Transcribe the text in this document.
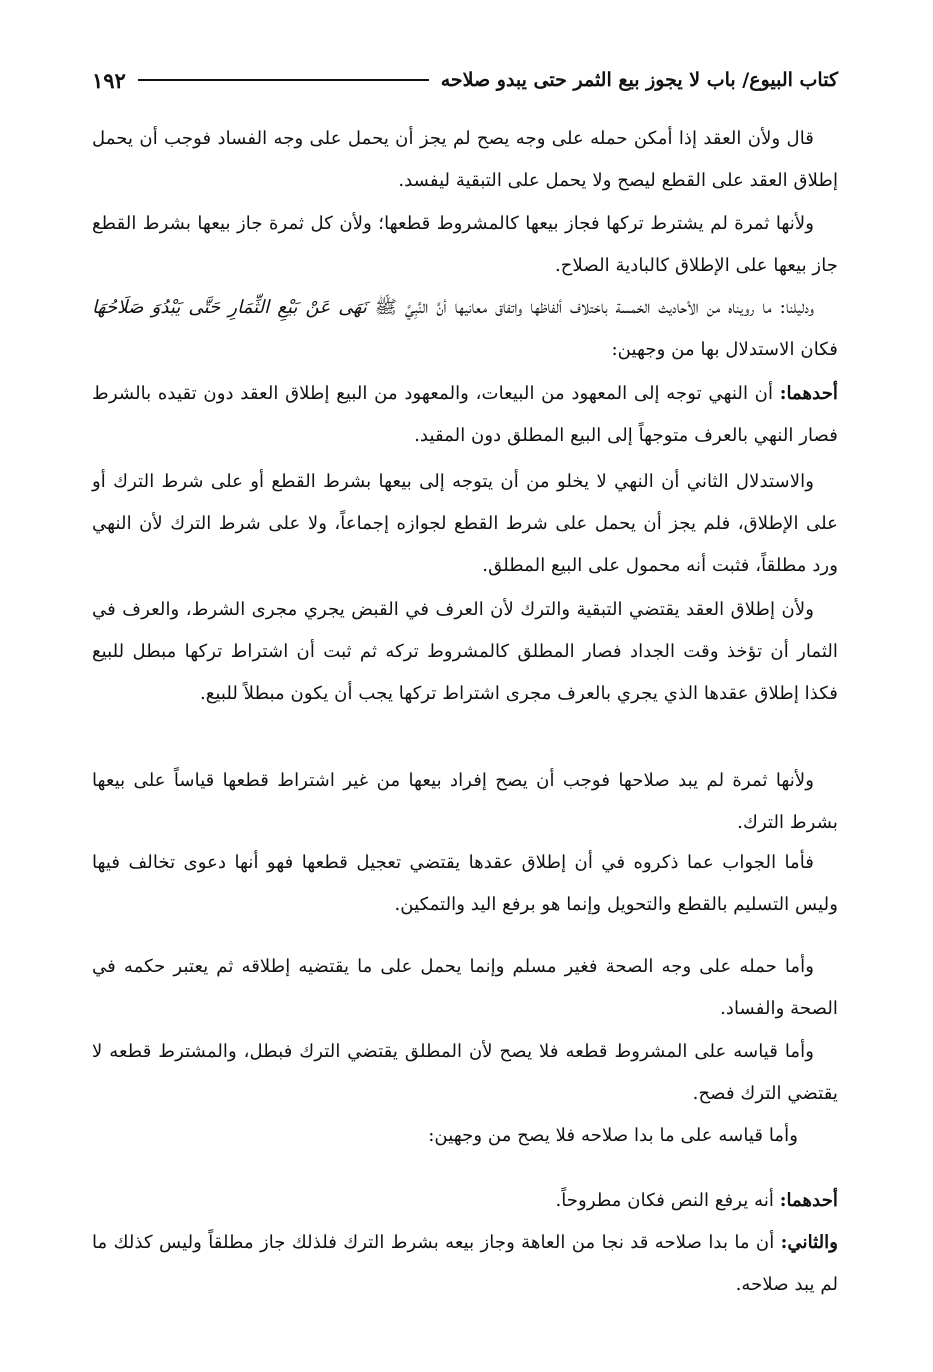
كتاب البيوع/ باب لا يجوز بيع الثمر حتى يبدو صلاحه
١٩٢

قال ولأن العقد إذا أمكن حمله على وجه يصح لم يجز أن يحمل على وجه الفساد فوجب أن يحمل إطلاق العقد على القطع ليصح ولا يحمل على التبقية ليفسد.

ولأنها ثمرة لم يشترط تركها فجاز بيعها كالمشروط قطعها؛ ولأن كل ثمرة جاز بيعها بشرط القطع جاز بيعها على الإطلاق كالبادية الصلاح.

ودليلنا: ما رويناه من الأحاديث الخمسة باختلاف ألفاظها واتفاق معانيها أنَّ النَّبِيَّ ﷺ نَهَى عَنْ بَيْعِ الثِّمَارِ حَتَّى يَبْدُوَ صَلَاحُهَا فكان الاستدلال بها من وجهين:

أحدهما: أن النهي توجه إلى المعهود من البيعات، والمعهود من البيع إطلاق العقد دون تقيده بالشرط فصار النهي بالعرف متوجهاً إلى البيع المطلق دون المقيد.

والاستدلال الثاني أن النهي لا يخلو من أن يتوجه إلى بيعها بشرط القطع أو على شرط الترك أو على الإطلاق، فلم يجز أن يحمل على شرط القطع لجوازه إجماعاً، ولا على شرط الترك لأن النهي ورد مطلقاً، فثبت أنه محمول على البيع المطلق.

ولأن إطلاق العقد يقتضي التبقية والترك لأن العرف في القبض يجري مجرى الشرط، والعرف في الثمار أن تؤخذ وقت الجداد فصار المطلق كالمشروط تركه ثم ثبت أن اشتراط تركها مبطل للبيع فكذا إطلاق عقدها الذي يجري بالعرف مجرى اشتراط تركها يجب أن يكون مبطلاً للبيع.

ولأنها ثمرة لم يبد صلاحها فوجب أن يصح إفراد بيعها من غير اشتراط قطعها قياساً على بيعها بشرط الترك.

فأما الجواب عما ذكروه في أن إطلاق عقدها يقتضي تعجيل قطعها فهو أنها دعوى تخالف فيها وليس التسليم بالقطع والتحويل وإنما هو برفع اليد والتمكين.

وأما حمله على وجه الصحة فغير مسلم وإنما يحمل على ما يقتضيه إطلاقه ثم يعتبر حكمه في الصحة والفساد.

وأما قياسه على المشروط قطعه فلا يصح لأن المطلق يقتضي الترك فبطل، والمشترط قطعه لا يقتضي الترك فصح.

وأما قياسه على ما بدا صلاحه فلا يصح من وجهين:

أحدهما: أنه يرفع النص فكان مطروحاً.

والثاني: أن ما بدا صلاحه قد نجا من العاهة وجاز بيعه بشرط الترك فلذلك جاز مطلقاً وليس كذلك ما لم يبد صلاحه.
